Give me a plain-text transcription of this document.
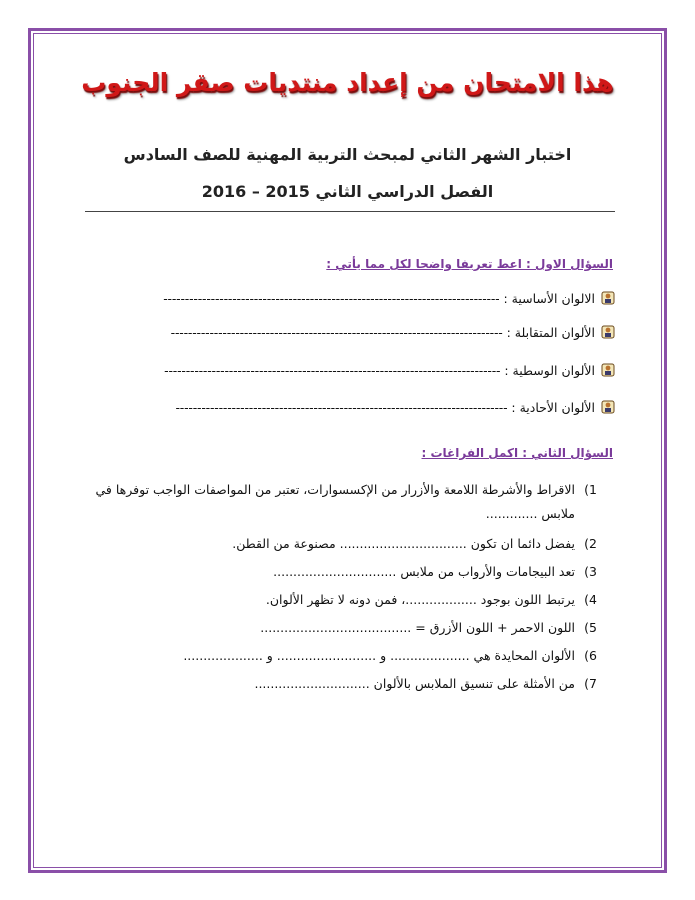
هذا الامتحان من إعداد منتديات صقر الجنوب
اختبار الشهر الثاني لمبحث التربية المهنية للصف السادس
الفصل الدراسي الثاني 2015 – 2016
السؤال الاول : اعط تعريفا واضحا لكل مما يأتي :
الالوان الأساسية :
------------------------------------------------------------------------------
الألوان المتقابلة :
-----------------------------------------------------------------------------
الألوان الوسطية :
------------------------------------------------------------------------------
الألوان الأحادية :
-----------------------------------------------------------------------------
السؤال الثاني : اكمل الفراغات :
1)
الاقراط والأشرطة اللامعة والأزرار من الإكسسوارات، تعتبر من المواصفات الواجب توفرها في ملابس .............
2)
يفضل دائما ان تكون ................................ مصنوعة من القطن.
3)
تعد البيجامات والأرواب من ملابس ...............................
4)
يرتبط اللون بوجود ..................، فمن دونه لا تظهر الألوان.
5)
اللون الاحمر + اللون الأزرق = ......................................
6)
الألوان المحايدة هي .................... و ......................... و ....................
7)
من الأمثلة على تنسيق الملابس بالألوان .............................
